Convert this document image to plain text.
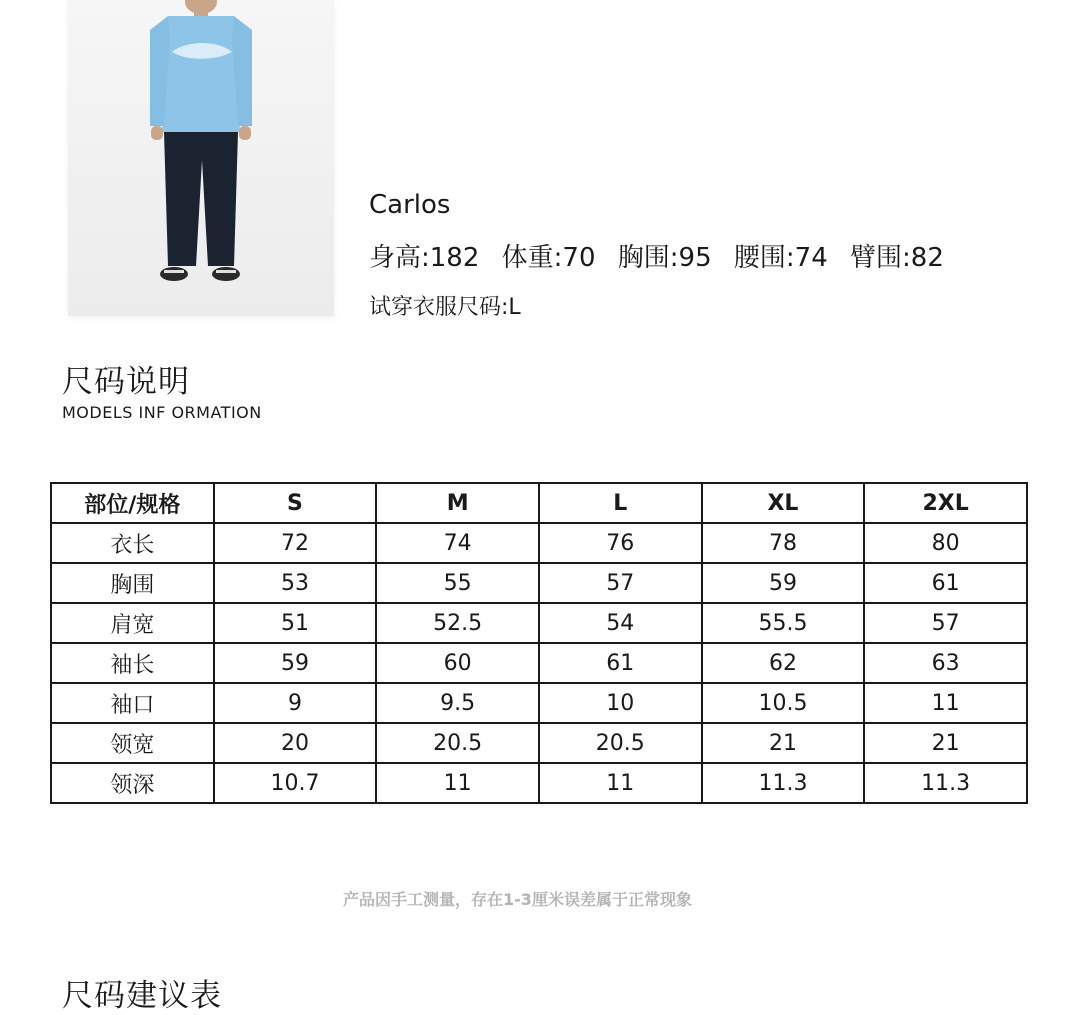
Carlos
身高:182 体重:70 胸围:95 腰围:74 臂围:82
试穿衣服尺码:L
尺码说明
MODELS INF ORMATION
部位/规格	S	M	L	XL	2XL
衣长	72	74	76	78	80
胸围	53	55	57	59	61
肩宽	51	52.5	54	55.5	57
袖长	59	60	61	62	63
袖口	9	9.5	10	10.5	11
领宽	20	20.5	20.5	21	21
领深	10.7	11	11	11.3	11.3
产品因手工测量，存在1-3厘米误差属于正常现象
尺码建议表
